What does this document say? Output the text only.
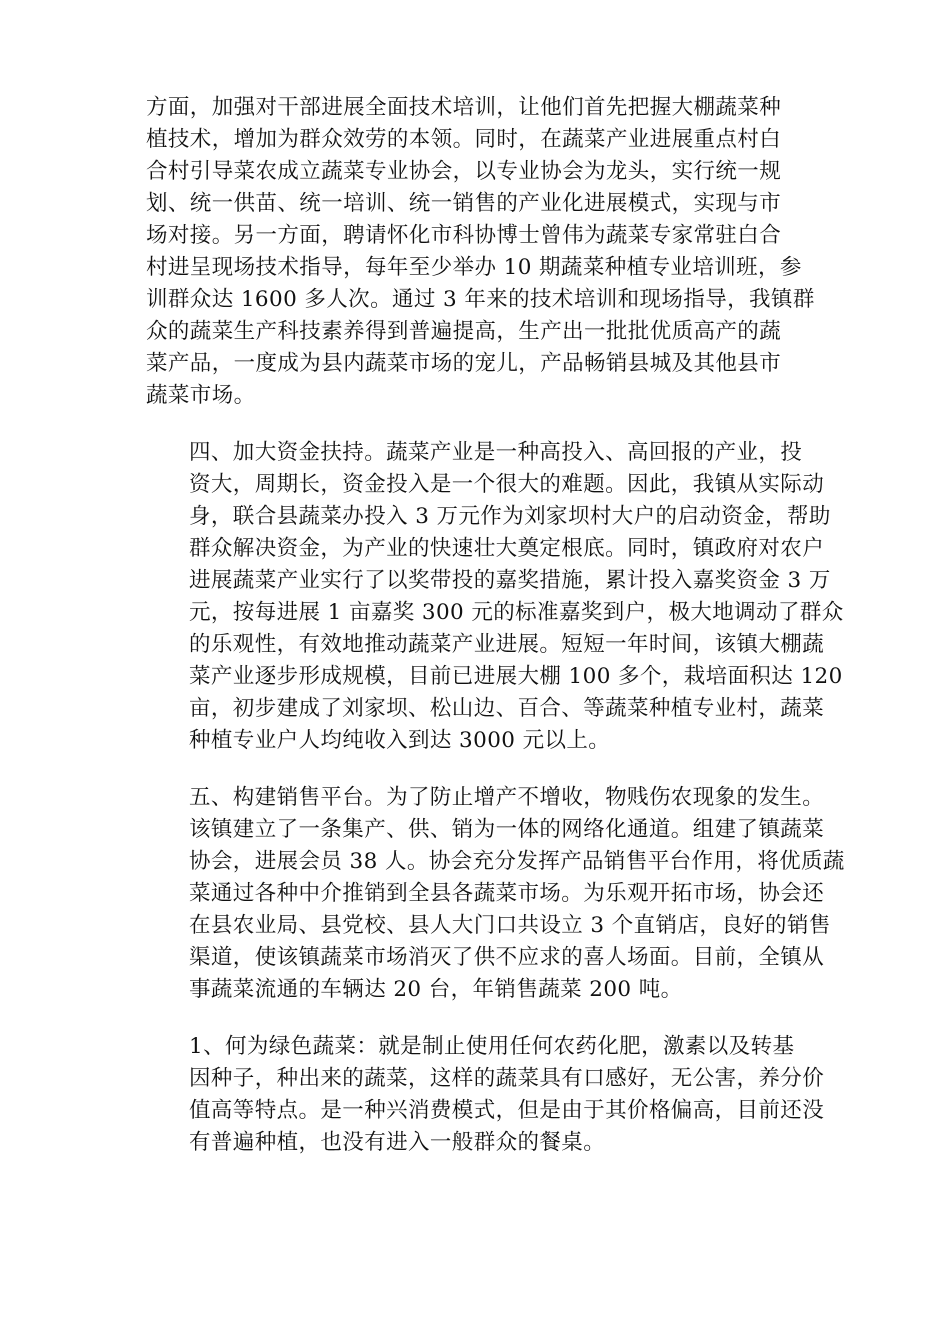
方面，加强对干部进展全面技术培训，让他们首先把握大棚蔬菜种
植技术，增加为群众效劳的本领。同时，在蔬菜产业进展重点村白
合村引导菜农成立蔬菜专业协会，以专业协会为龙头，实行统一规
划、统一供苗、统一培训、统一销售的产业化进展模式，实现与市
场对接。另一方面，聘请怀化市科协博士曾伟为蔬菜专家常驻白合
村进呈现场技术指导，每年至少举办 10 期蔬菜种植专业培训班，参
训群众达 1600 多人次。通过 3 年来的技术培训和现场指导，我镇群
众的蔬菜生产科技素养得到普遍提高，生产出一批批优质高产的蔬
菜产品，一度成为县内蔬菜市场的宠儿，产品畅销县城及其他县市
蔬菜市场。

四、加大资金扶持。蔬菜产业是一种高投入、高回报的产业，投

资大，周期长，资金投入是一个很大的难题。因此，我镇从实际动
身，联合县蔬菜办投入 3 万元作为刘家坝村大户的启动资金，帮助
群众解决资金，为产业的快速壮大奠定根底。同时，镇政府对农户
进展蔬菜产业实行了以奖带投的嘉奖措施，累计投入嘉奖资金 3 万
元，按每进展 1 亩嘉奖 300 元的标准嘉奖到户，极大地调动了群众
的乐观性，有效地推动蔬菜产业进展。短短一年时间，该镇大棚蔬
菜产业逐步形成规模，目前已进展大棚 100 多个，栽培面积达 120
亩，初步建成了刘家坝、松山边、百合、等蔬菜种植专业村，蔬菜
种植专业户人均纯收入到达 3000 元以上。

五、构建销售平台。为了防止增产不增收，物贱伤农现象的发生。

该镇建立了一条集产、供、销为一体的网络化通道。组建了镇蔬菜
协会，进展会员 38 人。协会充分发挥产品销售平台作用，将优质蔬
菜通过各种中介推销到全县各蔬菜市场。为乐观开拓市场，协会还
在县农业局、县党校、县人大门口共设立 3 个直销店，良好的销售
渠道，使该镇蔬菜市场消灭了供不应求的喜人场面。目前，全镇从
事蔬菜流通的车辆达 20 台，年销售蔬菜 200 吨。

1、何为绿色蔬菜：就是制止使用任何农药化肥，激素以及转基

因种子，种出来的蔬菜，这样的蔬菜具有口感好，无公害，养分价
值高等特点。是一种兴消费模式，但是由于其价格偏高，目前还没
有普遍种植，也没有进入一般群众的餐桌。
